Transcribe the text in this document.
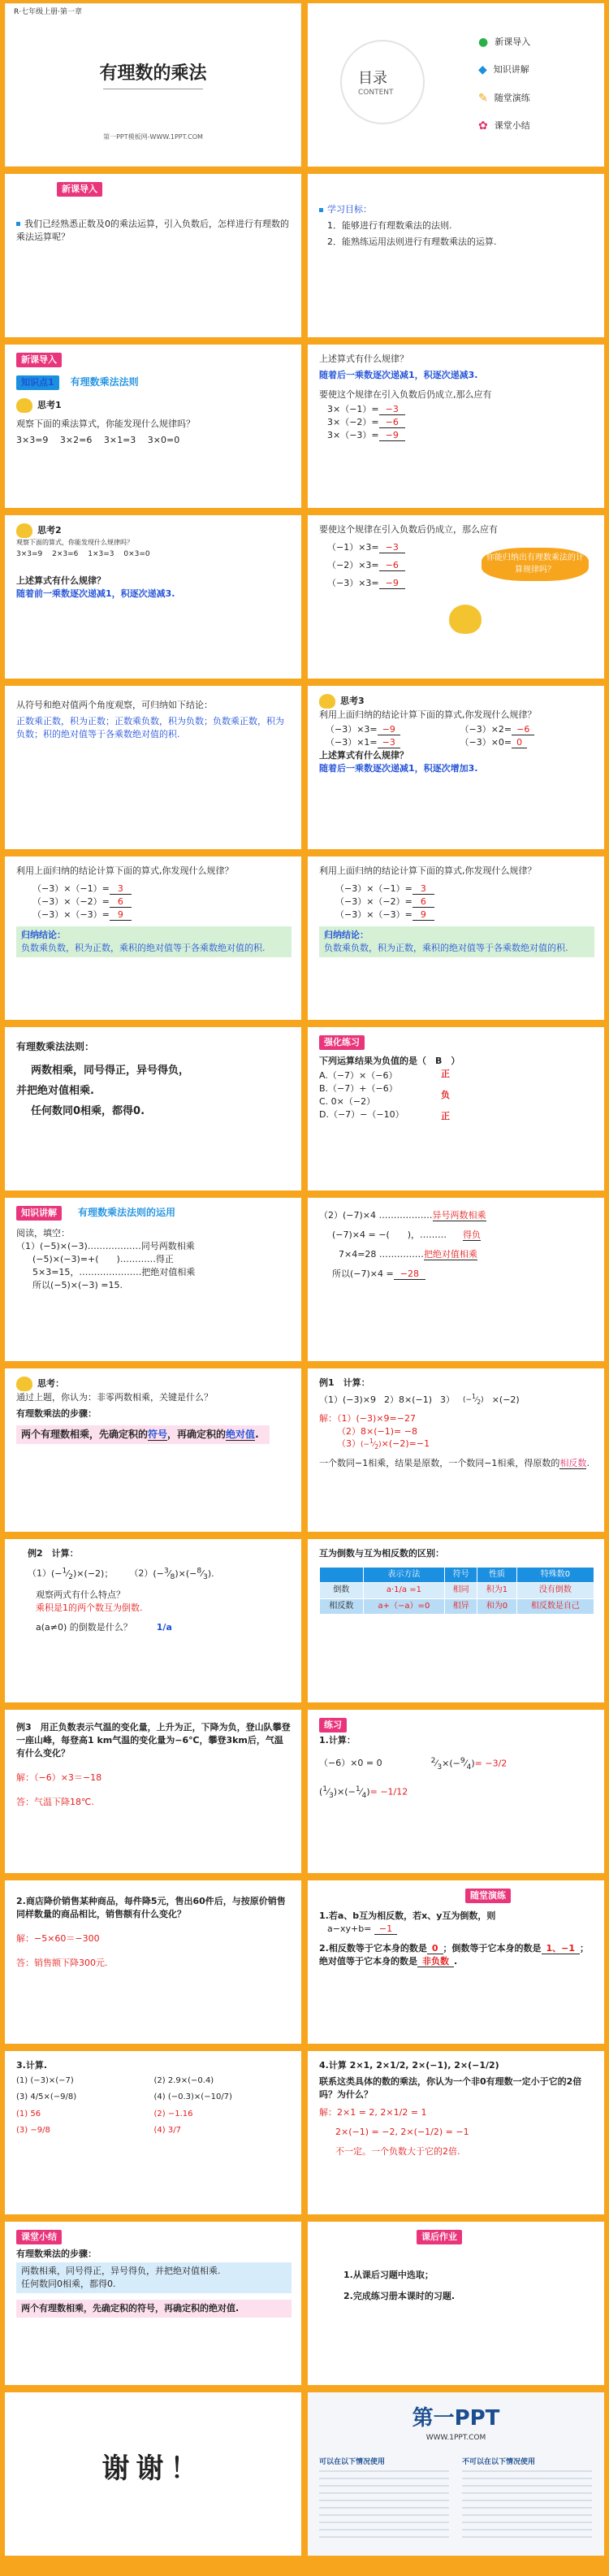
R·七年级上册·第一章
有理数的乘法
第一PPT模板网-WWW.1PPT.COM
目录
CONTENT
● 新课导入
◆ 知识讲解
✎ 随堂演练
✿ 课堂小结
新课导入
我们已经熟悉正数及0的乘法运算，引入负数后，怎样进行有理数的乘法运算呢？
学习目标：
1．能够进行有理数乘法的法则.
2．能熟练运用法则进行有理数乘法的运算.
新课导入
知识点1	有理数乘法法则
思考1
观察下面的乘法算式，你能发现什么规律吗？
3×3=9　 3×2=6　 3×1=3　 3×0=0
上述算式有什么规律？
随着后一乘数逐次递减1，积逐次递减3.
要使这个规律在引入负数后仍成立,那么应有
3×（−1）= −3
3×（−2）= −6
3×（−3）= −9
思考2
观察下面的算式，你能发现什么规律吗？
3×3=9　 2×3=6　 1×3=3　 0×3=0
上述算式有什么规律？
随着前一乘数逐次递减1，积逐次递减3.
要使这个规律在引入负数后仍成立，那么应有
（−1）×3= −3
（−2）×3= −6
（−3）×3= −9
你能归纳出有理数乘法的计算规律吗？
从符号和绝对值两个角度观察，可归纳如下结论：
正数乘正数，积为正数；正数乘负数，积为负数；负数乘正数，积为负数；积的绝对值等于各乘数绝对值的积.
思考3
利用上面归纳的结论计算下面的算式,你发现什么规律？
（−3）×3= −9	（−3）×2= −6
（−3）×1= −3	（−3）×0= 0
上述算式有什么规律？
随着后一乘数逐次递减1，积逐次增加3.
利用上面归纳的结论计算下面的算式,你发现什么规律？
（−3）×（−1）= 3
（−3）×（−2）= 6
（−3）×（−3）= 9
归纳结论：
负数乘负数，积为正数，乘积的绝对值等于各乘数绝对值的积.
利用上面归纳的结论计算下面的算式,你发现什么规律？
（−3）×（−1）= 3
（−3）×（−2）= 6
（−3）×（−3）= 9
归纳结论：
负数乘负数，积为正数，乘积的绝对值等于各乘数绝对值的积.
有理数乘法法则：
两数相乘，同号得正，异号得负，
并把绝对值相乘.
任何数同0相乘，都得0.
强化练习
下列运算结果为负值的是（　B　）
A.（−7）×（−6）
B.（−7）+（−6）
C. 0×（−2）
D.（−7）−（−10）
正
负
正
知识讲解	有理数乘法法则的运用
阅读，填空：
（1）(−5)×(−3)………………同号两数相乘
(−5)×(−3)=+(　　)…………得正
5×3=15，…………………把绝对值相乘
所以(−5)×(−3) =15.
（2）(−7)×4 ………………异号两数相乘
(−7)×4 = −(　　)，……… 得负
7×4=28 ……………把绝对值相乘
所以(−7)×4 = −28
思考：
通过上题，你认为：非零两数相乘，关键是什么？
有理数乘法的步骤：
两个有理数相乘，先确定积的符号，再确定积的绝对值.
例1　计算：
（1）(−3)×9 2）8×(−1) 3） $(-^1⁄_2) \times(-2)$
解：（1）(−3)×9=−27
（2）8×(−1)= −8
$(3)(-^1⁄_2)\times(-2)=-1$
一个数同−1相乘，结果是原数，一个数同−1相乘，得原数的相反数.
例2　计算：
$(1)(-^1⁄_2)\times(-2)$； $(2)(-^3⁄_8)\times(-^8⁄_3)$.
观察两式有什么特点？
乘积是1的两个数互为倒数.
a(a≠0) 的倒数是什么？	1/a
互为倒数与互为相反数的区别：
	表示方法	符号	性质	特殊数0
倒数	a·1/a =1	相同	积为1	没有倒数
相反数	a+（−a）=0	相异	和为0	相反数是自己
例3　用正负数表示气温的变化量，上升为正，下降为负，登山队攀登一座山峰，每登高1 km气温的变化量为−6℃，攀登3km后，气温有什么变化？
解：（−6）×3＝−18
答：气温下降18℃.
练习
1.计算：
（−6）×0 = 0	$^2⁄_3\times(-^9⁄_4)= -3/2$
$(^1⁄_3)\times(-^1⁄_4)= -1/12$
2.商店降价销售某种商品，每件降5元，售出60件后，与按原价销售同样数量的商品相比，销售额有什么变化？
解：−5×60＝−300
答：销售额下降300元.
随堂演练
1.若a、b互为相反数，若x、y互为倒数，则
a−xy+b= −1
2.相反数等于它本身的数是 0 ；倒数等于它本身的数是 1、−1 ；绝对值等于它本身的数是 非负数 .
3.计算.
(1) (−3)×(−7)	(2) 2.9×(−0.4)
(3) 4/5×(−9/8)	(4) (−0.3)×(−10/7)
(1) 56	(2) −1.16
(3) −9/8	(4) 3/7
4.计算 2×1, 2×1/2, 2×(−1), 2×(−1/2)
联系这类具体的数的乘法，你认为一个非0有理数一定小于它的2倍吗？为什么？
解：2×1 = 2, 2×1/2 = 1
2×(−1) = −2, 2×(−1/2) = −1
不一定。一个负数大于它的2倍.
课堂小结
有理数乘法的步骤：
两数相乘，同号得正，异号得负，并把绝对值相乘.
任何数同0相乘，都得0.
两个有理数相乘，先确定积的符号，再确定积的绝对值.
课后作业
1.从课后习题中选取；
2.完成练习册本课时的习题.
谢谢！
第一PPT
WWW.1PPT.COM
可以在以下情况使用	不可以在以下情况使用
